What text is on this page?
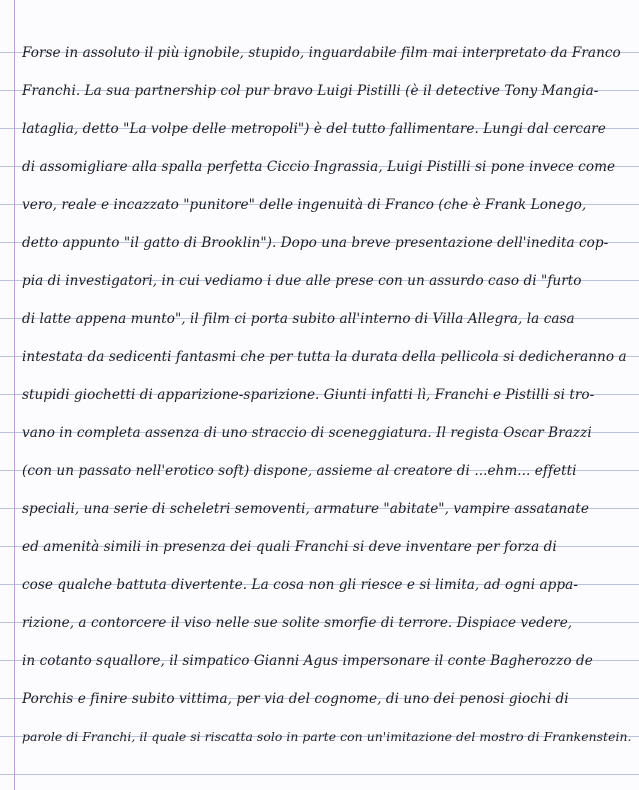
Forse in assoluto il più ignobile, stupido, inguardabile film mai interpretato da Franco
Franchi. La sua partnership col pur bravo Luigi Pistilli (è il detective Tony Mangia-
lataglia, detto "La volpe delle metropoli") è del tutto fallimentare. Lungi dal cercare
di assomigliare alla spalla perfetta Ciccio Ingrassia, Luigi Pistilli si pone invece come
vero, reale e incazzato "punitore" delle ingenuità di Franco (che è Frank Lonego,
detto appunto "il gatto di Brooklin"). Dopo una breve presentazione dell'inedita cop-
pia di investigatori, in cui vediamo i due alle prese con un assurdo caso di "furto
di latte appena munto", il film ci porta subito all'interno di Villa Allegra, la casa
intestata da sedicenti fantasmi che per tutta la durata della pellicola si dedicheranno a
stupidi giochetti di apparizione-sparizione. Giunti infatti lì, Franchi e Pistilli si tro-
vano in completa assenza di uno straccio di sceneggiatura. Il regista Oscar Brazzi
(con un passato nell'erotico soft) dispone, assieme al creatore di ...ehm... effetti
speciali, una serie di scheletri semoventi, armature "abitate", vampire assatanate
ed amenità simili in presenza dei quali Franchi si deve inventare per forza di
cose qualche battuta divertente. La cosa non gli riesce e si limita, ad ogni appa-
rizione, a contorcere il viso nelle sue solite smorfie di terrore. Dispiace vedere,
in cotanto squallore, il simpatico Gianni Agus impersonare il conte Bagherozzo de
Porchis e finire subito vittima, per via del cognome, di uno dei penosi giochi di
parole di Franchi, il quale si riscatta solo in parte con un'imitazione del mostro di Frankenstein.
